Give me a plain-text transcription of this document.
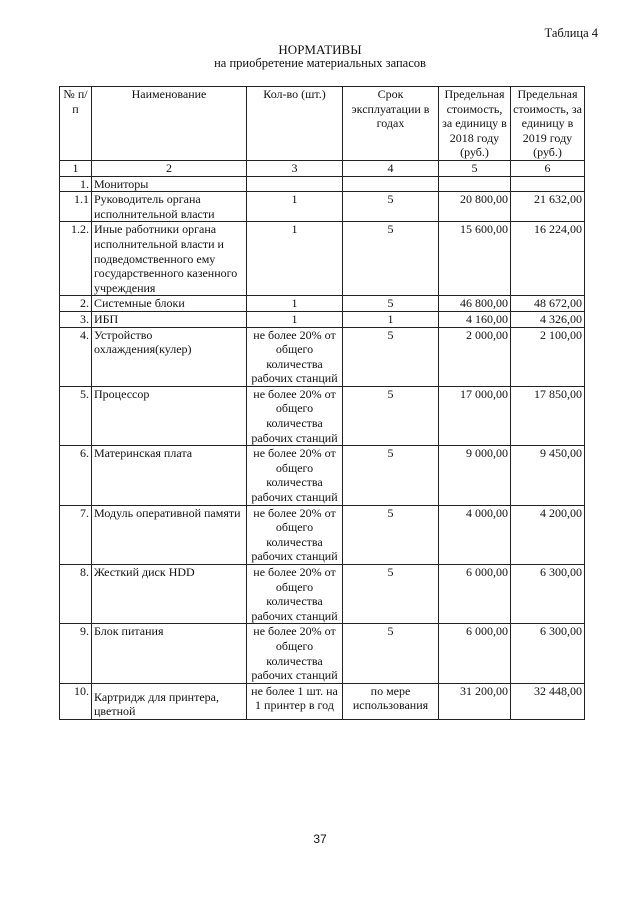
Таблица 4
НОРМАТИВЫ
на приобретение материальных запасов
№ п/п	Наименование	Кол-во (шт.)	Срок эксплуатации в годах	Предельная стоимость, за единицу в 2018 году (руб.)	Предельная стоимость, за единицу в 2019 году (руб.)
1	2	3	4	5	6
1.	Мониторы				
1.1	Руководитель органа исполнительной власти	1	5	20 800,00	21 632,00
1.2.	Иные работники органа исполнительной власти и подведомственного ему государственного казенного учреждения	1	5	15 600,00	16 224,00
2.	Системные блоки	1	5	46 800,00	48 672,00
3.	ИБП	1	1	4 160,00	4 326,00
4.	Устройство охлаждения(кулер)	не более 20% от общего количества рабочих станций	5	2 000,00	2 100,00
5.	Процессор	не более 20% от общего количества рабочих станций	5	17 000,00	17 850,00
6.	Материнская плата	не более 20% от общего количества рабочих станций	5	9 000,00	9 450,00
7.	Модуль оперативной памяти	не более 20% от общего количества рабочих станций	5	4 000,00	4 200,00
8.	Жесткий диск HDD	не более 20% от общего количества рабочих станций	5	6 000,00	6 300,00
9.	Блок питания	не более 20% от общего количества рабочих станций	5	6 000,00	6 300,00
10.	Картридж для принтера, цветной	не более 1 шт. на 1 принтер в год	по мере использования	31 200,00	32 448,00
37
